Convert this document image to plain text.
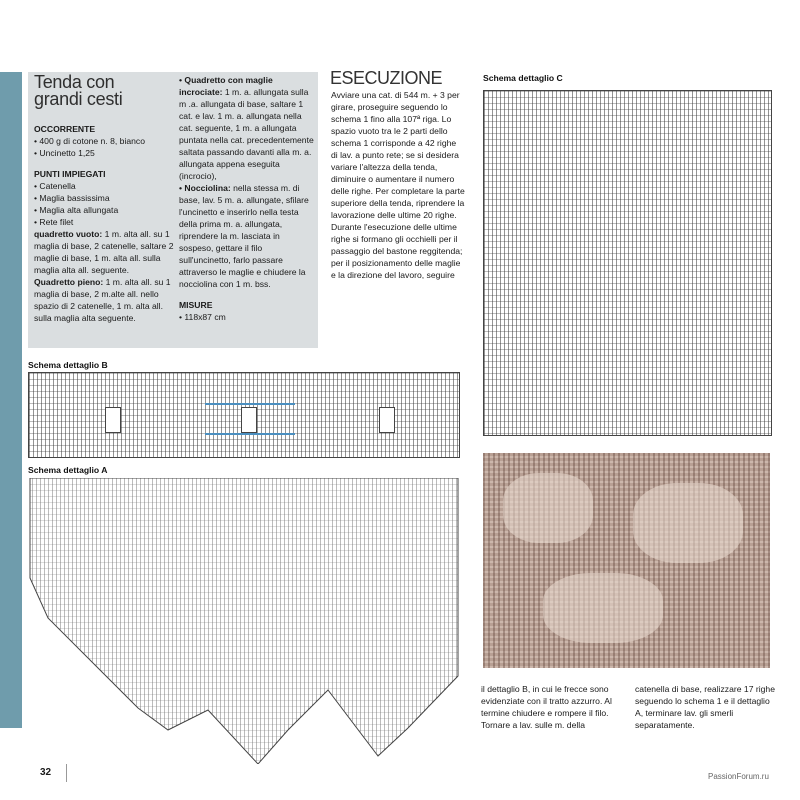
Tenda con
grandi cesti

OCCORRENTE

• 400 g di cotone n. 8, bianco

• Uncinetto 1,25

PUNTI IMPIEGATI

• Catenella

• Maglia bassissima

• Maglia alta allungata

• Rete filet

quadretto vuoto: 1 m. alta all. su 1 maglia di base, 2 catenelle, saltare 2 maglie di base, 1 m. alta all. sulla maglia alta all. seguente.

Quadretto pieno: 1 m. alta all. su 1 maglia di base, 2 m.alte all. nello spazio di 2 catenelle, 1 m. alta all. sulla maglia alta seguente.

• Quadretto con maglie incrociate: 1 m. a. allungata sulla m .a. allungata di base, saltare 1 cat. e lav. 1 m. a. allungata nella cat. seguente, 1 m. a allungata puntata nella cat. precedentemente saltata passando davanti alla m. a. allungata appena eseguita (incrocio),

• Nocciolina: nella stessa m. di base, lav. 5 m. a. allungate, sfilare l'uncinetto e inserirlo nella testa della prima m. a. allungata, riprendere la m. lasciata in sospeso, gettare il filo sull'uncinetto, farlo passare attraverso le maglie e chiudere la nocciolina con 1 m. bss.

MISURE

• 118x87 cm

ESECUZIONE
Avviare una cat. di 544 m. + 3 per girare, proseguire seguendo lo schema 1 fino alla 107ª riga. Lo spazio vuoto tra le 2 parti dello schema 1 corrisponde a 42 righe di lav. a punto rete; se si desidera variare l'altezza della tenda, diminuire o aumentare il numero delle righe. Per completare la parte superiore della tenda, riprendere la lavorazione delle ultime 20 righe. Durante l'esecuzione delle ultime righe si formano gli occhielli per il passaggio del bastone reggitenda; per il posizionamento delle maglie e la direzione del lavoro, seguire
Schema dettaglio C
Schema dettaglio B
Schema dettaglio A
il dettaglio B, in cui le frecce sono evidenziate con il tratto azzurro. Al termine chiudere e rompere il filo. Tornare a lav. sulle m. della
catenella di base, realizzare 17 righe seguendo lo schema 1 e il dettaglio A, terminare lav. gli smerli separatamente.
32	PassionForum.ru
